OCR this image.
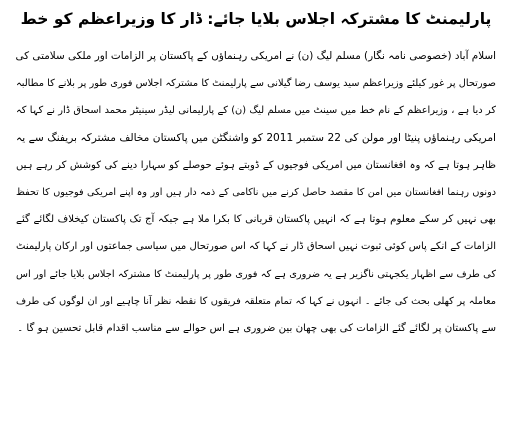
پارلیمنٹ کا مشترکہ اجلاس بلایا جائے: ڈار کا وزیراعظم کو خط
اسلام آباد (خصوصی نامہ نگار) مسلم لیگ (ن) نے امریکی رہنماؤں کے پاکستان پر الزامات اور ملکی سلامتی کی
صورتحال پر غور کیلئے وزیراعظم سید یوسف رضا گیلانی سے پارلیمنٹ کا مشترکہ اجلاس فوری طور پر بلانے کا مطالبہ
کر دیا ہے ، وزیراعظم کے نام خط میں سینٹ میں مسلم لیگ (ن) کے پارلیمانی لیڈر سینیٹر محمد اسحاق ڈار نے کہا کہ
امریکی رہنماؤں پنیٹا اور مولن کی 22 ستمبر 2011 کو واشنگٹن میں پاکستان مخالف مشترکہ بریفنگ سے یہ
ظاہر ہوتا ہے کہ وہ افغانستان میں امریکی فوجیوں کے ڈوبتے ہوئے حوصلے کو سہارا دینے کی کوشش کر رہے ہیں
دونوں رہنما افغانستان میں امن کا مقصد حاصل کرنے میں ناکامی کے ذمہ دار ہیں اور وہ اپنے امریکی فوجیوں کا تحفظ
بھی نہیں کر سکے معلوم ہوتا ہے کہ انہیں پاکستان قربانی کا بکرا ملا ہے جبکہ آج تک پاکستان کیخلاف لگائے گئے
الزامات کے انکے پاس کوئی ثبوت نہیں اسحاق ڈار نے کہا کہ اس صورتحال میں سیاسی جماعتوں اور ارکان پارلیمنٹ
کی طرف سے اظہار یکجہتی ناگزیر ہے یہ ضروری ہے کہ فوری طور پر پارلیمنٹ کا مشترکہ اجلاس بلایا جائے اور اس
معاملہ پر کھلی بحث کی جائے ۔ انہوں نے کہا کہ تمام متعلقہ فریقوں کا نقطہ نظر آنا چاہیے اور ان لوگوں کی طرف
سے پاکستان پر لگائے گئے الزامات کی بھی چھان بین ضروری ہے اس حوالے سے مناسب اقدام قابل تحسین ہو گا ۔
